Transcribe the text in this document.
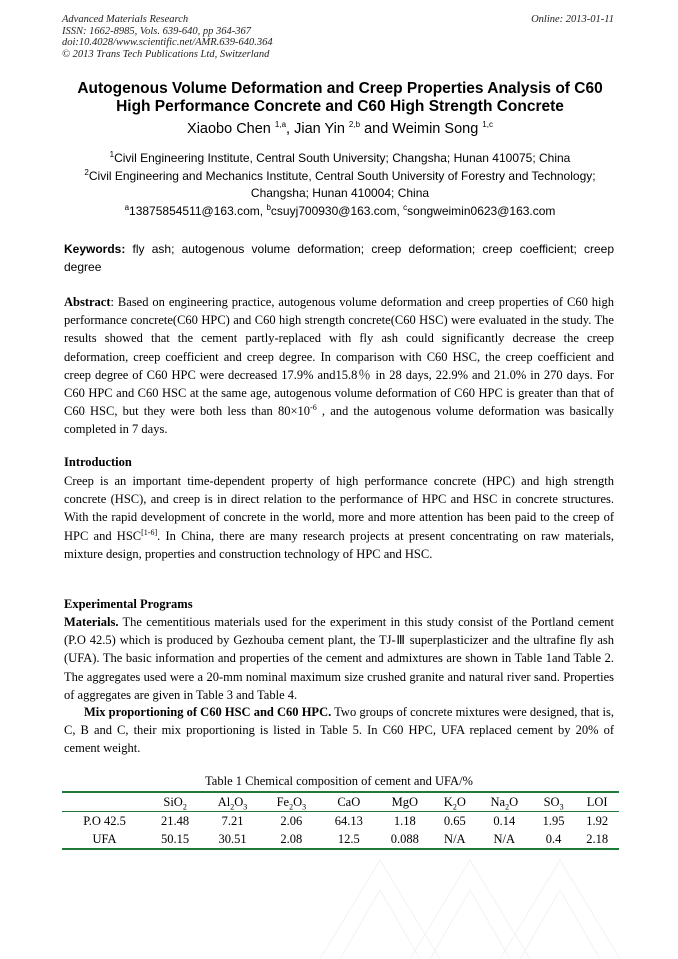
Advanced Materials Research
ISSN: 1662-8985, Vols. 639-640, pp 364-367
doi:10.4028/www.scientific.net/AMR.639-640.364
© 2013 Trans Tech Publications Ltd, Switzerland
Online: 2013-01-11
Autogenous Volume Deformation and Creep Properties Analysis of C60
High Performance Concrete and C60 High Strength Concrete
Xiaobo Chen $^{1,a}$, Jian Yin $^{2,b}$ and Weimin Song $^{1,c}$
$^1$Civil Engineering Institute, Central South University; Changsha; Hunan 410075; China
$^2$Civil Engineering and Mechanics Institute, Central South University of Forestry and Technology;
Changsha; Hunan 410004; China
$^a$13875854511@163.com, $^b$csuyj700930@163.com, $^c$songweimin0623@163.com
Keywords: fly ash; autogenous volume deformation; creep deformation; creep coefficient; creep degree
Abstract: Based on engineering practice, autogenous volume deformation and creep properties of C60 high performance concrete(C60 HPC) and C60 high strength concrete(C60 HSC) were evaluated in the study. The results showed that the cement partly-replaced with fly ash could significantly decrease the creep deformation, creep coefficient and creep degree. In comparison with C60 HSC, the creep coefficient and creep degree of C60 HPC were decreased 17.9% and15.8％ in 28 days, 22.9% and 21.0% in 270 days. For C60 HPC and C60 HSC at the same age, autogenous volume deformation of C60 HPC is greater than that of C60 HSC, but they were both less than $80\times 10^{-6}$ , and the autogenous volume deformation was basically completed in 7 days.
Introduction
Creep is an important time-dependent property of high performance concrete (HPC) and high strength concrete (HSC), and creep is in direct relation to the performance of HPC and HSC in concrete structures. With the rapid development of concrete in the world, more and more attention has been paid to the creep of HPC and HSC[1-6]. In China, there are many research projects at present concentrating on raw materials, mixture design, properties and construction technology of HPC and HSC.
Experimental Programs
Materials. The cementitious materials used for the experiment in this study consist of the Portland cement (P.O 42.5) which is produced by Gezhouba cement plant, the TJ-Ⅲ superplasticizer and the ultrafine fly ash (UFA). The basic information and properties of the cement and admixtures are shown in Table 1and Table 2. The aggregates used were a 20-mm nominal maximum size crushed granite and natural river sand. Properties of aggregates are given in Table 3 and Table 4.
Mix proportioning of C60 HSC and C60 HPC. Two groups of concrete mixtures were designed, that is, C, B and C, their mix proportioning is listed in Table 5. In C60 HPC, UFA replaced cement by 20% of cement weight.
Table 1 Chemical composition of cement and UFA/%
	SiO$_2$	$Al_2O_3$	$Fe_2O_3$	CaO	MgO	$K_2O$	$Na_2O$	$SO_3$	LOI
P.O 42.5	21.48	7.21	2.06	64.13	1.18	0.65	0.14	1.95	1.92
UFA	50.15	30.51	2.08	12.5	0.088	N/A	N/A	0.4	2.18
